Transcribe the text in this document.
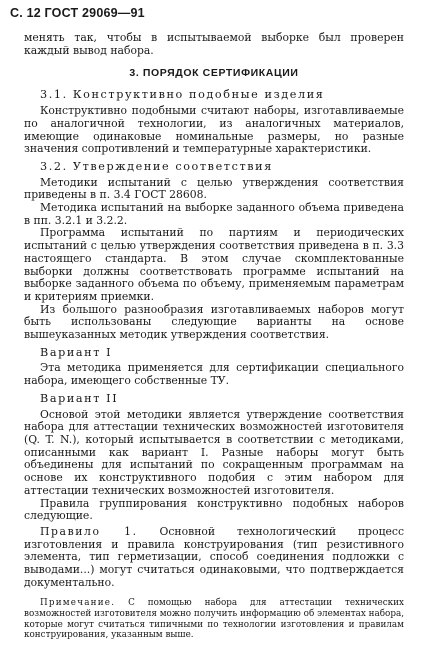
С. 12 ГОСТ 29069—91

менять так, чтобы в испытываемой выборке был проверен каждый вывод набора.

3. ПОРЯДОК СЕРТИФИКАЦИИ

3.1. Конструктивно подобные изделия

Конструктивно подобными считают наборы, изготавливаемые по аналогичной технологии, из аналогичных материалов, имеющие одинаковые номинальные размеры, но разные значения сопротивлений и температурные характеристики.

3.2. Утверждение соответствия

Методики испытаний с целью утверждения соответствия приведены в п. 3.4 ГОСТ 28608.

Методика испытаний на выборке заданного объема приведена в пп. 3.2.1 и 3.2.2.

Программа испытаний по партиям и периодических испытаний с целью утверждения соответствия приведена в п. 3.3 настоящего стандарта. В этом случае скомплектованные выборки должны соответствовать программе испытаний на выборке заданного объема по объему, применяемым параметрам и критериям приемки.

Из большого разнообразия изготавливаемых наборов могут быть использованы следующие варианты на основе вышеуказанных методик утверждения соответствия.

Вариант I

Эта методика применяется для сертификации специального набора, имеющего собственные ТУ.

Вариант II

Основой этой методики является утверждение соответствия набора для аттестации технических возможностей изготовителя (Q. T. N.), который испытывается в соответствии с методиками, описанными как вариант I. Разные наборы могут быть объединены для испытаний по сокращенным программам на основе их конструктивного подобия с этим набором для аттестации технических возможностей изготовителя.

Правила группирования конструктивно подобных наборов следующие.

Правило 1. Основной технологический процесс изготовления и правила конструирования (тип резистивного элемента, тип герметизации, способ соединения подложки с выводами...) могут считаться одинаковыми, что подтверждается документально.

Примечание. С помощью набора для аттестации технических возможностей изготовителя можно получить информацию об элементах набора, которые могут считаться типичными по технологии изготовления и правилам конструирования, указанным выше.
